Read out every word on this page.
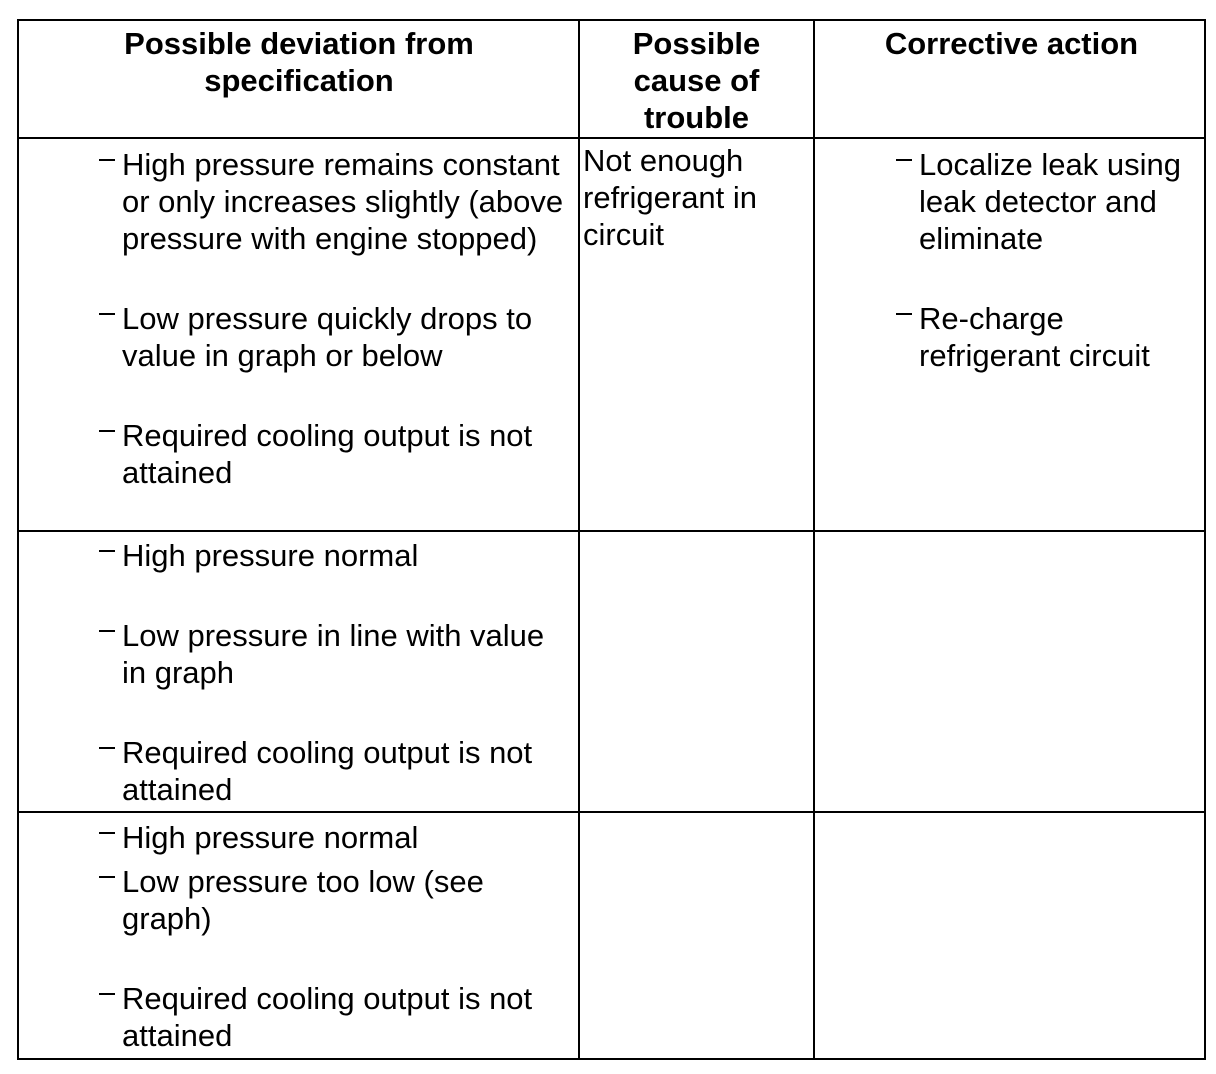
Possible deviation from specification
Possible cause of trouble
Corrective action
High pressure remains constant or only increases slightly (above pressure with engine stopped)
Low pressure quickly drops to value in graph or below
Required cooling output is not attained
Not enough refrigerant in circuit
Localize leak using leak detector and eliminate
Re-charge refrigerant circuit
High pressure normal
Low pressure in line with value in graph
Required cooling output is not attained
High pressure normal
Low pressure too low (see graph)
Required cooling output is not attained
